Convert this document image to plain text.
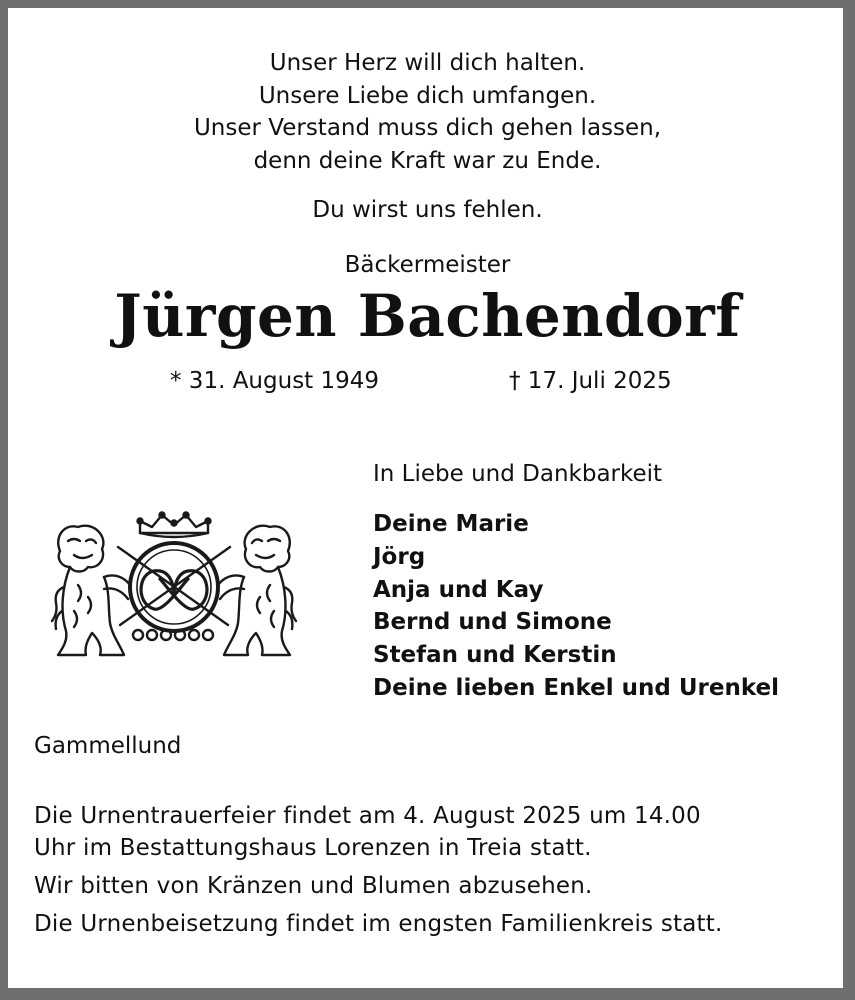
Unser Herz will dich halten.
Unsere Liebe dich umfangen.
Unser Verstand muss dich gehen lassen,
denn deine Kraft war zu Ende.
Du wirst uns fehlen.
Bäckermeister
Jürgen Bachendorf
* 31. August 1949	† 17. Juli 2025
In Liebe und Dankbarkeit
Deine Marie
Jörg
Anja und Kay
Bernd und Simone
Stefan und Kerstin
Deine lieben Enkel und Urenkel
Gammellund
Die Urnentrauerfeier findet am 4. August 2025 um 14.00
Uhr im Bestattungshaus Lorenzen in Treia statt.
Wir bitten von Kränzen und Blumen abzusehen.
Die Urnenbeisetzung findet im engsten Familienkreis statt.
